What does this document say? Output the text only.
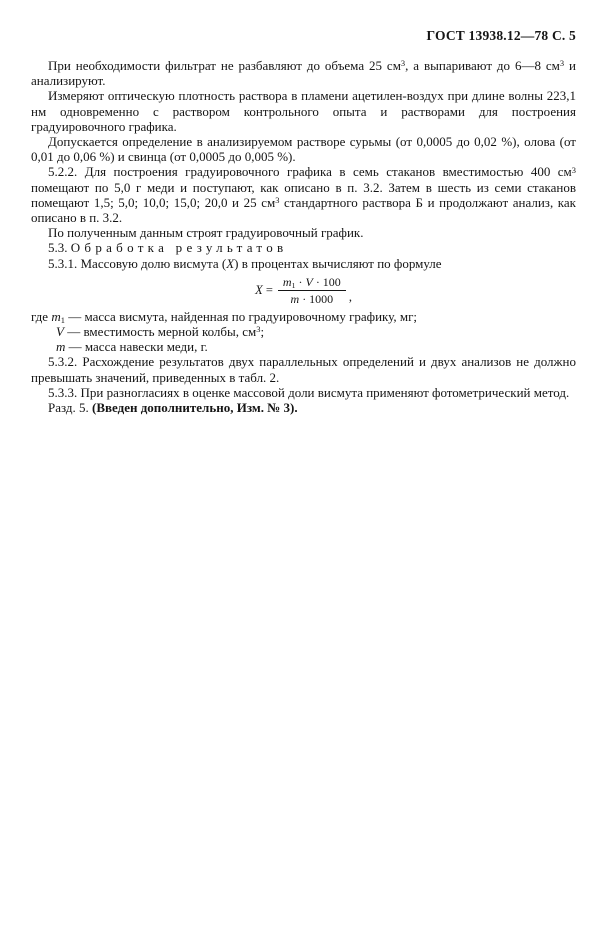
ГОСТ 13938.12—78 С. 5

При необходимости фильтрат не разбавляют до объема 25 $см^3$, а выпаривают до 6—8 $см^3$ и анализируют.

Измеряют оптическую плотность раствора в пламени ацетилен-воздух при длине волны 223,1 нм одновременно с раствором контрольного опыта и растворами для построения градуировочного графика.

Допускается определение в анализируемом растворе сурьмы (от 0,0005 до 0,02 %), олова (от 0,01 до 0,06 %) и свинца (от 0,0005 до 0,005 %).

5.2.2. Для построения градуировочного графика в семь стаканов вместимостью 400 $см^3$ помещают по 5,0 г меди и поступают, как описано в п. 3.2. Затем в шесть из семи стаканов помещают 1,5; 5,0; 10,0; 15,0; 20,0 и 25 $см^3$ стандартного раствора Б и продолжают анализ, как описано в п. 3.2.

По полученным данным строят градуировочный график.

5.3. Обработка результатов

5.3.1. Массовую долю висмута (X) в процентах вычисляют по формуле

$X = \frac{m1 \cdot V \cdot 100}{m \cdot 1000}$ ,

где m1 — масса висмута, найденная по градуировочному графику, мг;

V — вместимость мерной колбы, $см^3$;

m — масса навески меди, г.

5.3.2. Расхождение результатов двух параллельных определений и двух анализов не должно превышать значений, приведенных в табл. 2.

5.3.3. При разногласиях в оценке массовой доли висмута применяют фотометрический метод.

Разд. 5. (Введен дополнительно, Изм. № 3).
